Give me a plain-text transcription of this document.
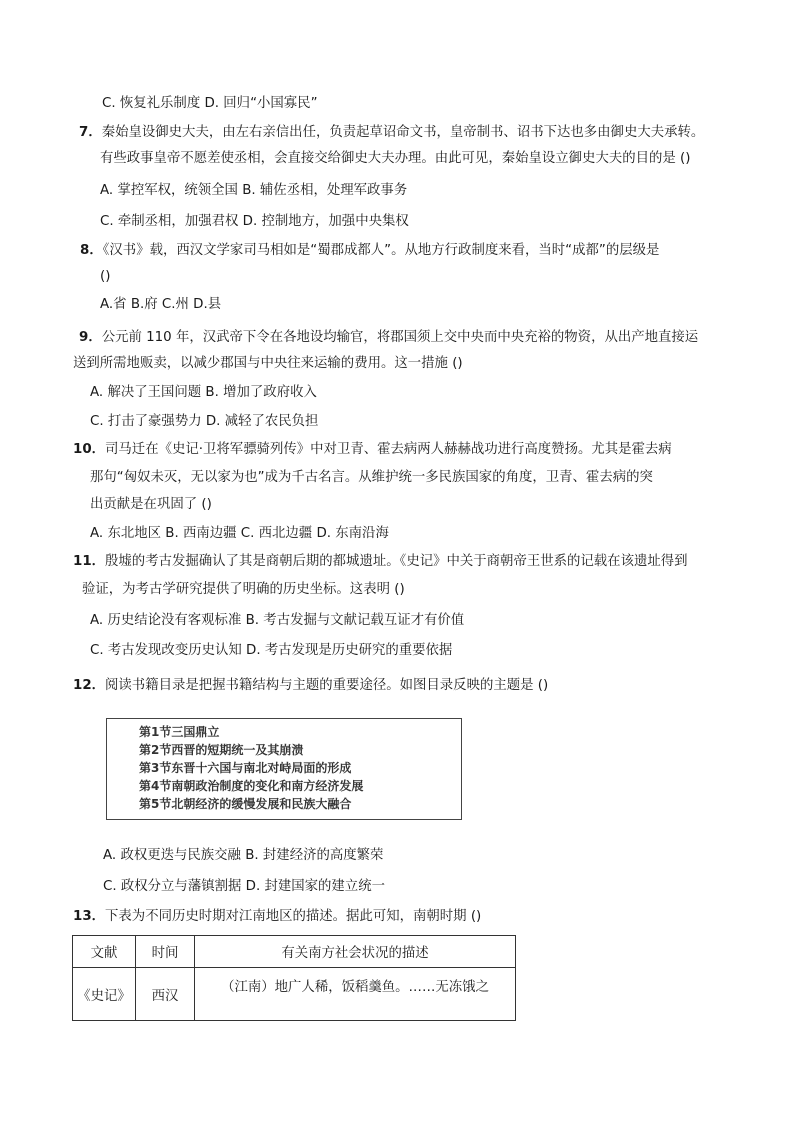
C. 恢复礼乐制度 D. 回归“小国寡民”
7．秦始皇设御史大夫，由左右亲信出任，负责起草诏命文书，皇帝制书、诏书下达也多由御史大夫承转。
有些政事皇帝不愿差使丞相，会直接交给御史大夫办理。由此可见，秦始皇设立御史大夫的目的是 ()
A. 掌控军权，统领全国 B. 辅佐丞相，处理军政事务
C. 牵制丞相，加强君权 D. 控制地方，加强中央集权
8．《汉书》载，西汉文学家司马相如是“蜀郡成都人”。从地方行政制度来看，当时“成都”的层级是
()
A.省 B.府 C.州 D.县
9．公元前 110 年，汉武帝下令在各地设均输官，将郡国须上交中央而中央充裕的物资，从出产地直接运
送到所需地贩卖，以减少郡国与中央往来运输的费用。这一措施 ()
A. 解决了王国问题 B. 增加了政府收入
C. 打击了豪强势力 D. 减轻了农民负担
10．司马迁在《史记·卫将军骠骑列传》中对卫青、霍去病两人赫赫战功进行高度赞扬。尤其是霍去病
那句“匈奴未灭，无以家为也”成为千古名言。从维护统一多民族国家的角度，卫青、霍去病的突
出贡献是在巩固了 ()
A. 东北地区 B. 西南边疆 C. 西北边疆 D. 东南沿海
11．殷墟的考古发掘确认了其是商朝后期的都城遗址。《史记》中关于商朝帝王世系的记载在该遗址得到
验证，为考古学研究提供了明确的历史坐标。这表明 ()
A. 历史结论没有客观标准 B. 考古发掘与文献记载互证才有价值
C. 考古发现改变历史认知 D. 考古发现是历史研究的重要依据
12．阅读书籍目录是把握书籍结构与主题的重要途径。如图目录反映的主题是 ()
第1节三国鼎立
第2节西晋的短期统一及其崩溃
第3节东晋十六国与南北对峙局面的形成
第4节南朝政治制度的变化和南方经济发展
第5节北朝经济的缓慢发展和民族大融合
A. 政权更迭与民族交融 B. 封建经济的高度繁荣
C. 政权分立与藩镇割据 D. 封建国家的建立统一
13．下表为不同历史时期对江南地区的描述。据此可知，南朝时期 ()
文献	时间	有关南方社会状况的描述
《史记》	西汉	（江南）地广人稀，饭稻羹鱼。……无冻饿之
